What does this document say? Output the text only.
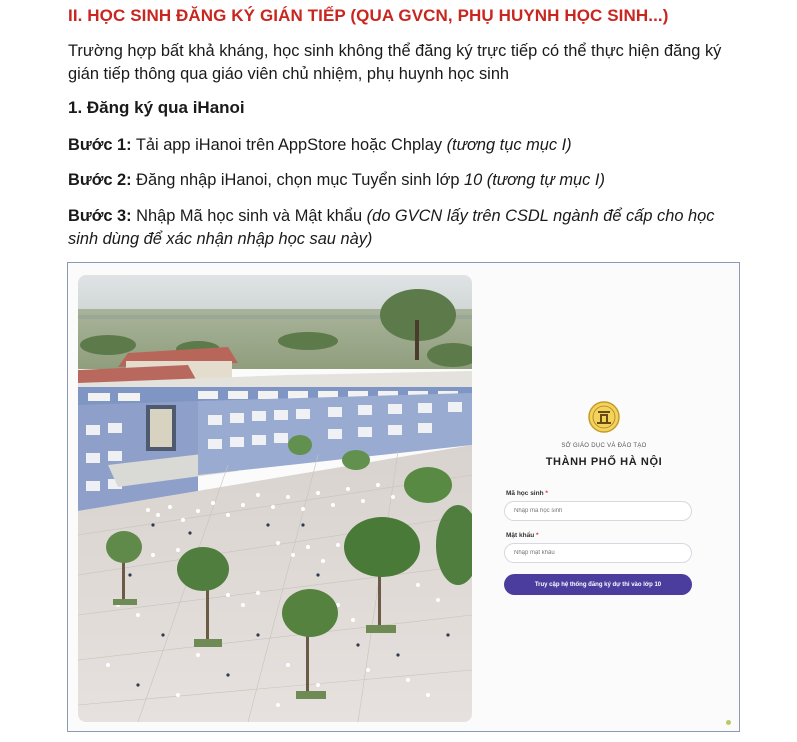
II. HỌC SINH ĐĂNG KÝ GIÁN TIẾP (QUA GVCN, PHỤ HUYNH HỌC SINH...)
Trường hợp bất khả kháng, học sinh không thể đăng ký trực tiếp có thể thực hiện đăng ký
gián tiếp thông qua giáo viên chủ nhiệm, phụ huynh học sinh
1. Đăng ký qua iHanoi
Bước 1: Tải app iHanoi trên AppStore hoặc Chplay (tương tục mục I)
Bước 2: Đăng nhập iHanoi, chọn mục Tuyển sinh lớp 10 (tương tự mục I)
Bước 3: Nhập Mã học sinh và Mật khẩu (do GVCN lấy trên CSDL ngành để cấp cho học
sinh dùng để xác nhận nhập học sau này)
SỞ GIÁO DỤC VÀ ĐÀO TẠO
THÀNH PHỐ HÀ NỘI
Mã học sinh *
Nhập mã học sinh
Mật khẩu *
Truy cập hệ thống đăng ký dự thi vào lớp 10
